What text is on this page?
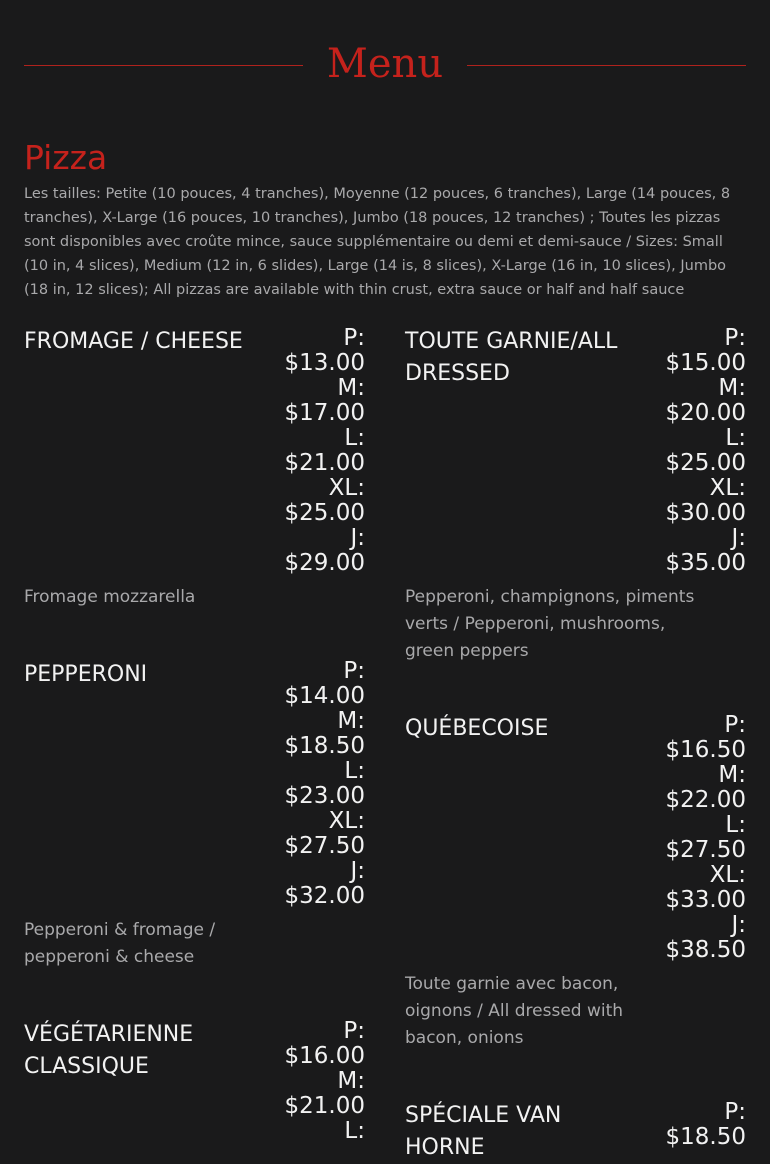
Menu
Pizza
Les tailles: Petite (10 pouces, 4 tranches), Moyenne (12 pouces, 6 tranches), Large (14 pouces, 8 tranches), X-Large (16 pouces, 10 tranches), Jumbo (18 pouces, 12 tranches) ; Toutes les pizzas sont disponibles avec croûte mince, sauce supplémentaire ou demi et demi-sauce / Sizes: Small (10 in, 4 slices), Medium (12 in, 6 slides), Large (14 is, 8 slices), X-Large (16 in, 10 slices), Jumbo (18 in, 12 slices); All pizzas are available with thin crust, extra sauce or half and half sauce
FROMAGE / CHEESE	P:
$13.00
M:
$17.00
L:
$21.00
XL:
$25.00
J:
$29.00
Fromage mozzarella
TOUTE GARNIE/ALL DRESSED
P:
$15.00
M:
$20.00
L:
$25.00
XL:
$30.00
J:
$35.00
Pepperoni, champignons, piments verts / Pepperoni, mushrooms, green peppers
PEPPERONI	P:
$14.00
M:
$18.50
L:
$23.00
XL:
$27.50
J:
$32.00
Pepperoni & fromage / pepperoni & cheese
QUÉBECOISE	P:
$16.50
M:
$22.00
L:
$27.50
XL:
$33.00
J:
$38.50
Toute garnie avec bacon, oignons / All dressed with bacon, onions
VÉGÉTARIENNE CLASSIQUE
P:
$16.00
M:
$21.00
L:
SPÉCIALE VAN HORNE
P:
$18.50
